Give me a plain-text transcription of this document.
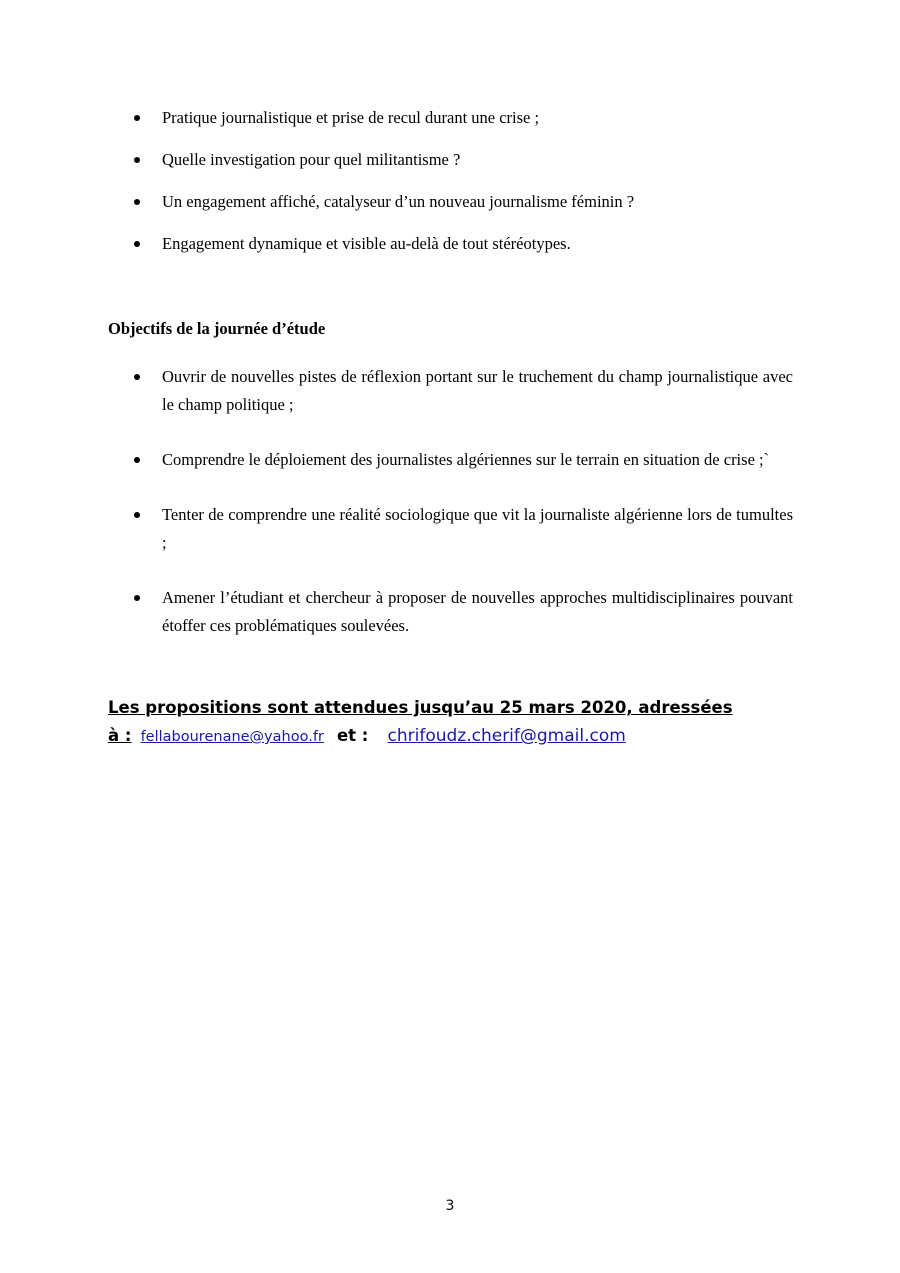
Pratique journalistique et prise de recul durant une crise ;
Quelle investigation pour quel militantisme ?
Un engagement affiché, catalyseur d’un nouveau journalisme féminin ?
Engagement dynamique et visible au-delà de tout stéréotypes.
Objectifs de la journée d’étude
Ouvrir de nouvelles pistes de réflexion portant sur le truchement du champ journalistique avec le champ politique ;
Comprendre le déploiement des journalistes algériennes sur le terrain en situation de crise ;`
Tenter de comprendre une réalité sociologique que vit la journaliste algérienne lors de tumultes ;
Amener l’étudiant et chercheur à proposer de nouvelles approches multidisciplinaires pouvant étoffer ces problématiques soulevées.
Les propositions sont attendues jusqu’au 25 mars 2020, adressées
à : fellabourenane@yahoo.fr et : chrifoudz.cherif@gmail.com
3
